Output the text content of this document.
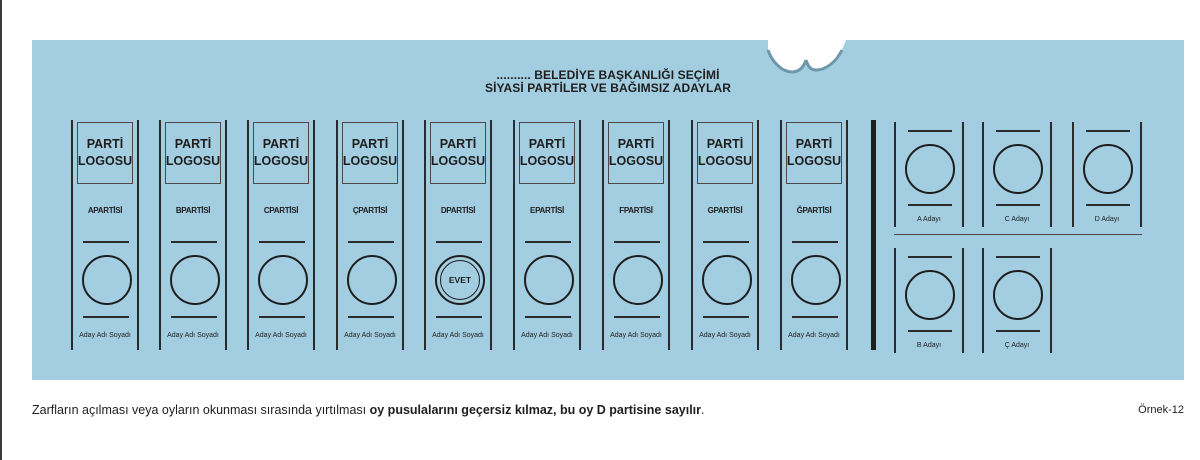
.......... BELEDİYE BAŞKANLIĞI SEÇİMİ
SİYASİ PARTİLER VE BAĞIMSIZ ADAYLAR
PARTİ
LOGOSU
APARTİSİ
Aday Adı Soyadı
PARTİ
LOGOSU
BPARTİSİ
Aday Adı Soyadı
PARTİ
LOGOSU
CPARTİSİ
Aday Adı Soyadı
PARTİ
LOGOSU
ÇPARTİSİ
Aday Adı Soyadı
PARTİ
LOGOSU
DPARTİSİ
EVET
Aday Adı Soyadı
PARTİ
LOGOSU
EPARTİSİ
Aday Adı Soyadı
PARTİ
LOGOSU
FPARTİSİ
Aday Adı Soyadı
PARTİ
LOGOSU
GPARTİSİ
Aday Adı Soyadı
PARTİ
LOGOSU
ĞPARTİSİ
Aday Adı Soyadı
A Adayı	C Adayı	D Adayı
B Adayı	Ç Adayı
Zarfların açılması veya oyların okunması sırasında yırtılması oy pusulalarını geçersiz kılmaz, bu oy D partisine sayılır.	Örnek-12
